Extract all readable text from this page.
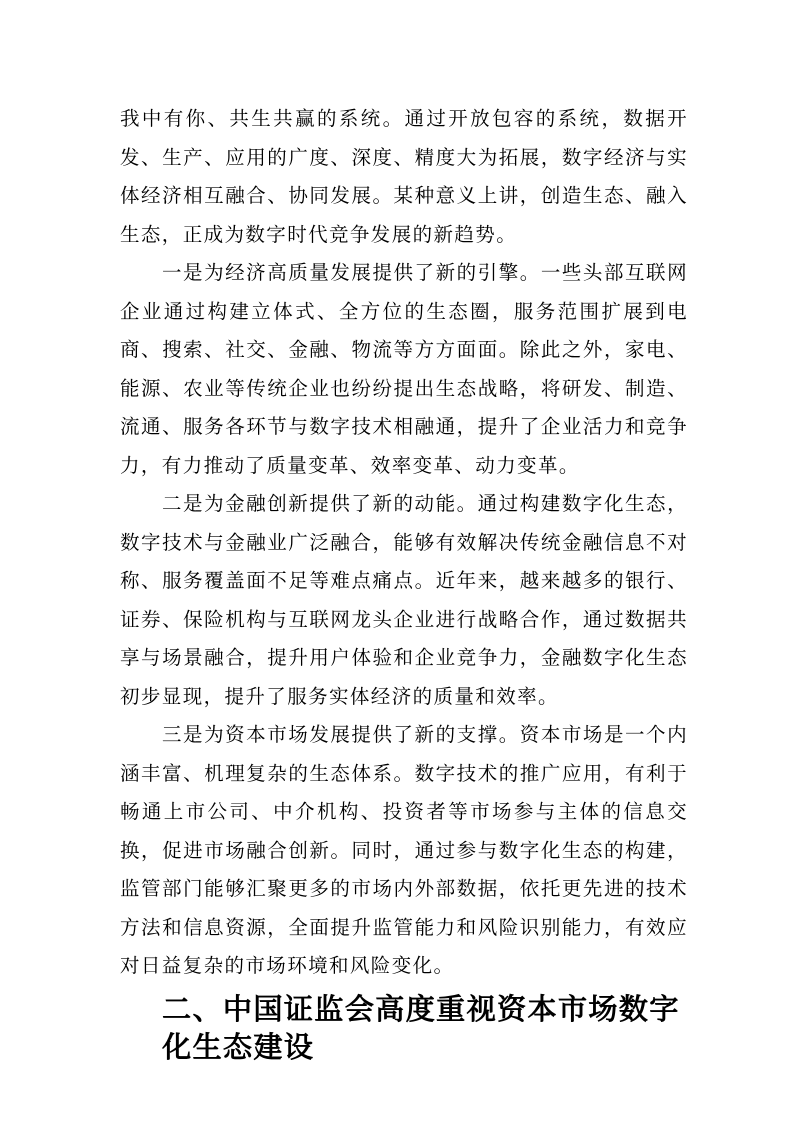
我中有你、共生共赢的系统。通过开放包容的系统，数据开发、生产、应用的广度、深度、精度大为拓展，数字经济与实体经济相互融合、协同发展。某种意义上讲，创造生态、融入生态，正成为数字时代竞争发展的新趋势。

一是为经济高质量发展提供了新的引擎。一些头部互联网企业通过构建立体式、全方位的生态圈，服务范围扩展到电商、搜索、社交、金融、物流等方方面面。除此之外，家电、能源、农业等传统企业也纷纷提出生态战略，将研发、制造、流通、服务各环节与数字技术相融通，提升了企业活力和竞争力，有力推动了质量变革、效率变革、动力变革。

二是为金融创新提供了新的动能。通过构建数字化生态，数字技术与金融业广泛融合，能够有效解决传统金融信息不对称、服务覆盖面不足等难点痛点。近年来，越来越多的银行、证券、保险机构与互联网龙头企业进行战略合作，通过数据共享与场景融合，提升用户体验和企业竞争力，金融数字化生态初步显现，提升了服务实体经济的质量和效率。

三是为资本市场发展提供了新的支撑。资本市场是一个内涵丰富、机理复杂的生态体系。数字技术的推广应用，有利于畅通上市公司、中介机构、投资者等市场参与主体的信息交换，促进市场融合创新。同时，通过参与数字化生态的构建，监管部门能够汇聚更多的市场内外部数据，依托更先进的技术方法和信息资源，全面提升监管能力和风险识别能力，有效应对日益复杂的市场环境和风险变化。

二、中国证监会高度重视资本市场数字化生态建设
